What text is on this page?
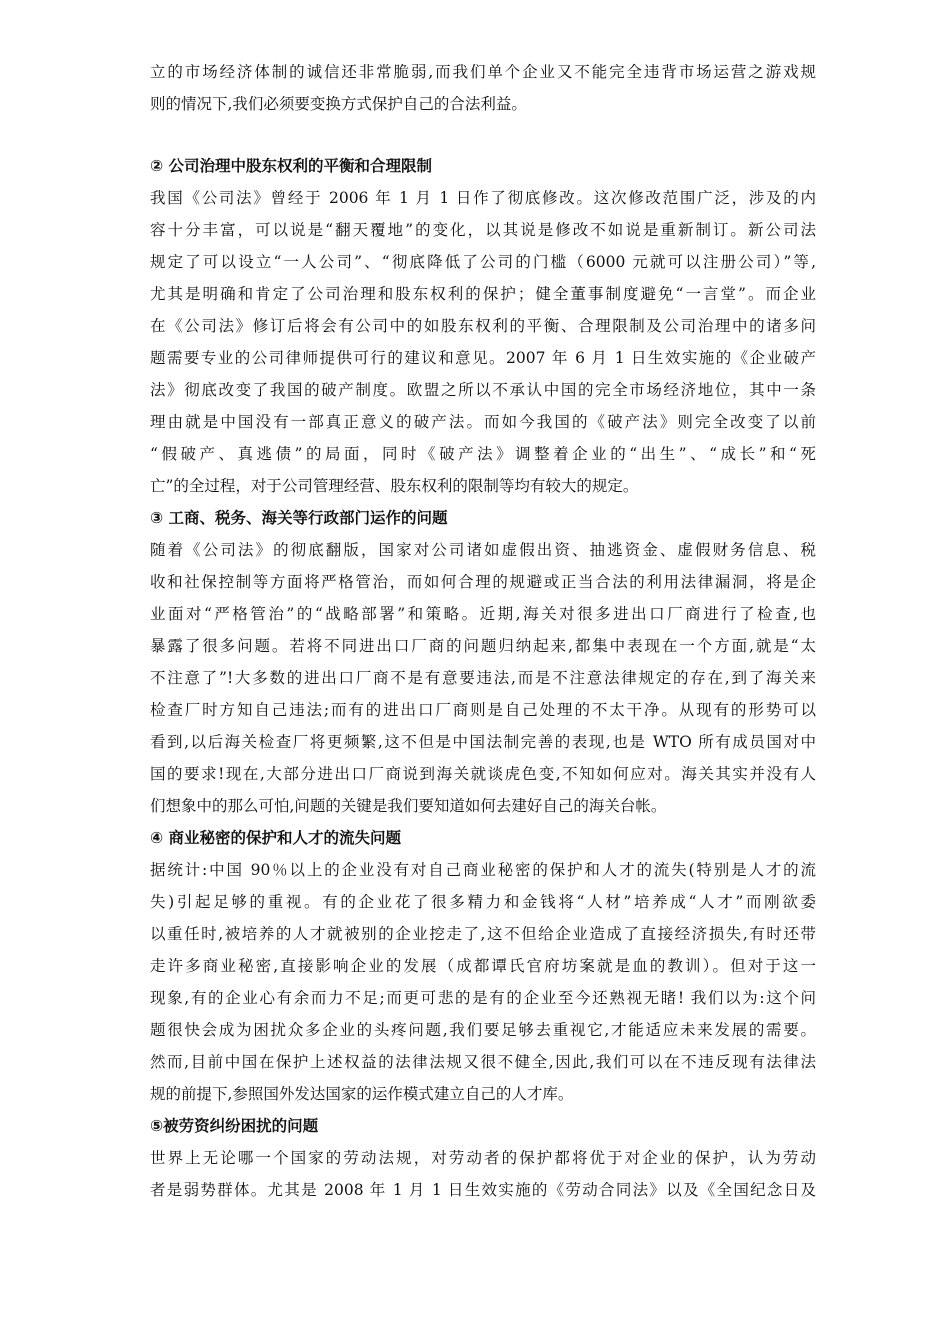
立的市场经济体制的诚信还非常脆弱,而我们单个企业又不能完全违背市场运营之游戏规
则的情况下,我们必须要变换方式保护自己的合法利益。
② 公司治理中股东权利的平衡和合理限制
我国《公司法》曾经于 2006 年 1 月 1 日作了彻底修改。这次修改范围广泛，涉及的内
容十分丰富，可以说是“翻天覆地”的变化，以其说是修改不如说是重新制订。新公司法
规定了可以设立“一人公司”、“彻底降低了公司的门槛（6000 元就可以注册公司）”等,
尤其是明确和肯定了公司治理和股东权利的保护；健全董事制度避免“一言堂”。而企业
在《公司法》修订后将会有公司中的如股东权利的平衡、合理限制及公司治理中的诸多问
题需要专业的公司律师提供可行的建议和意见。2007 年 6 月 1 日生效实施的《企业破产
法》彻底改变了我国的破产制度。欧盟之所以不承认中国的完全市场经济地位，其中一条
理由就是中国没有一部真正意义的破产法。而如今我国的《破产法》则完全改变了以前
“假破产、真逃债”的局面，同时《破产法》调整着企业的“出生”、“成长”和“死
亡”的全过程，对于公司管理经营、股东权利的限制等均有较大的规定。
③ 工商、税务、海关等行政部门运作的问题
随着《公司法》的彻底翻版，国家对公司诸如虚假出资、抽逃资金、虚假财务信息、税
收和社保控制等方面将严格管治，而如何合理的规避或正当合法的利用法律漏洞，将是企
业面对“严格管治”的“战略部署”和策略。近期,海关对很多进出口厂商进行了检查,也
暴露了很多问题。若将不同进出口厂商的问题归纳起来,都集中表现在一个方面,就是“太
不注意了”!大多数的进出口厂商不是有意要违法,而是不注意法律规定的存在,到了海关来
检查厂时方知自己违法;而有的进出口厂商则是自己处理的不太干净。从现有的形势可以
看到,以后海关检查厂将更频繁,这不但是中国法制完善的表现,也是 WTO 所有成员国对中
国的要求!现在,大部分进出口厂商说到海关就谈虎色变,不知如何应对。海关其实并没有人
们想象中的那么可怕,问题的关键是我们要知道如何去建好自己的海关台帐。
④ 商业秘密的保护和人才的流失问题
据统计:中国 90％以上的企业没有对自己商业秘密的保护和人才的流失(特别是人才的流
失)引起足够的重视。有的企业花了很多精力和金钱将“人材”培养成“人才”而刚欲委
以重任时,被培养的人才就被别的企业挖走了,这不但给企业造成了直接经济损失,有时还带
走许多商业秘密,直接影响企业的发展（成都谭氏官府坊案就是血的教训）。但对于这一
现象,有的企业心有余而力不足;而更可悲的是有的企业至今还熟视无睹! 我们以为:这个问
题很快会成为困扰众多企业的头疼问题,我们要足够去重视它,才能适应未来发展的需要。
然而,目前中国在保护上述权益的法律法规又很不健全,因此,我们可以在不违反现有法律法
规的前提下,参照国外发达国家的运作模式建立自己的人才库。
⑤被劳资纠纷困扰的问题
世界上无论哪一个国家的劳动法规，对劳动者的保护都将优于对企业的保护，认为劳动
者是弱势群体。尤其是 2008 年 1 月 1 日生效实施的《劳动合同法》以及《全国纪念日及
